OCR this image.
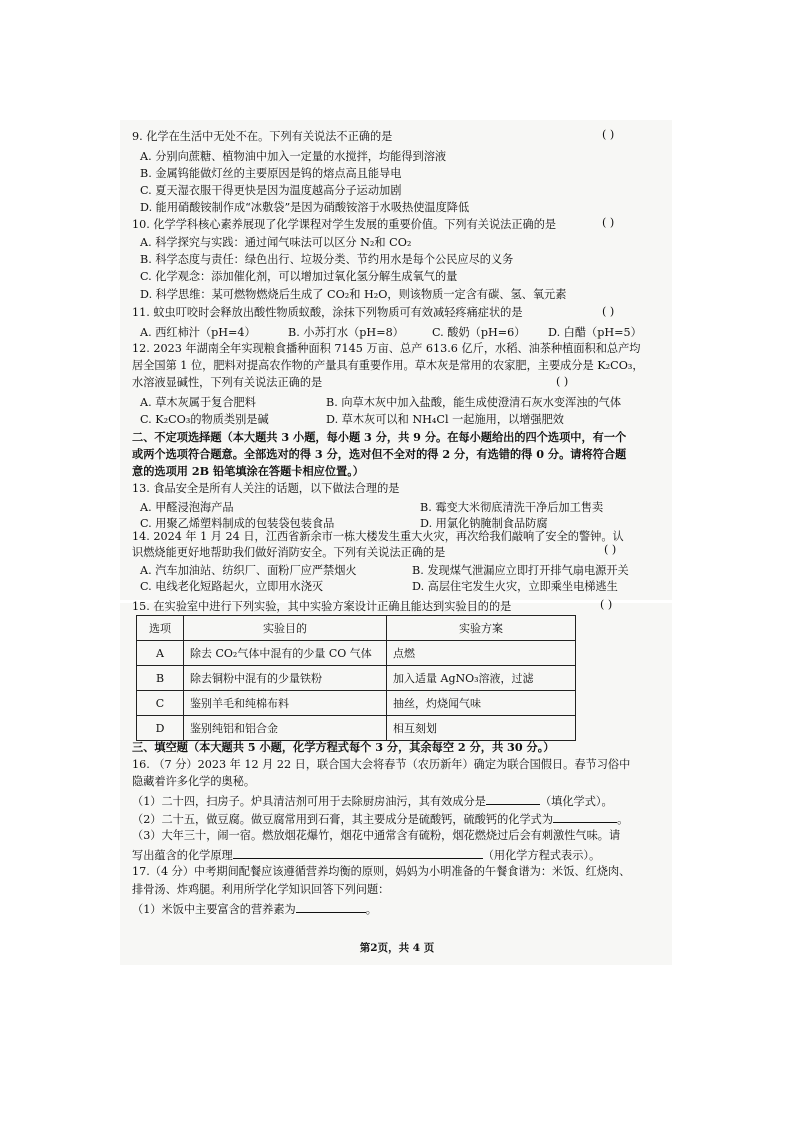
9. 化学在生活中无处不在。下列有关说法不正确的是	( )
A. 分别向蔗糖、植物油中加入一定量的水搅拌，均能得到溶液
B. 金属钨能做灯丝的主要原因是钨的熔点高且能导电
C. 夏天湿衣服干得更快是因为温度越高分子运动加剧
D. 能用硝酸铵制作成“冰敷袋”是因为硝酸铵溶于水吸热使温度降低
10. 化学学科核心素养展现了化学课程对学生发展的重要价值。下列有关说法正确的是	( )
A. 科学探究与实践：通过闻气味法可以区分 N₂和 CO₂
B. 科学态度与责任：绿色出行、垃圾分类、节约用水是每个公民应尽的义务
C. 化学观念：添加催化剂，可以增加过氧化氢分解生成氧气的量
D. 科学思维：某可燃物燃烧后生成了 CO₂和 H₂O，则该物质一定含有碳、氢、氧元素
11. 蚊虫叮咬时会释放出酸性物质蚁酸，涂抹下列物质可有效减轻疼痛症状的是	( )
A. 西红柿汁（pH=4）	B. 小苏打水（pH=8）	C. 酸奶（pH=6） D. 白醋（pH=5）
12. 2023 年湖南全年实现粮食播种面积 7145 万亩、总产 613.6 亿斤，水稻、油茶种植面积和总产均
居全国第 1 位，肥料对提高农作物的产量具有重要作用。草木灰是常用的农家肥，主要成分是 K₂CO₃，
水溶液显碱性，下列有关说法正确的是	( )
A. 草木灰属于复合肥料	B. 向草木灰中加入盐酸，能生成使澄清石灰水变浑浊的气体
C. K₂CO₃的物质类别是碱	D. 草木灰可以和 NH₄Cl 一起施用，以增强肥效
二、不定项选择题（本大题共 3 小题，每小题 3 分，共 9 分。在每小题给出的四个选项中，有一个
或两个选项符合题意。全部选对的得 3 分，选对但不全对的得 2 分，有选错的得 0 分。请将符合题
意的选项用 2B 铅笔填涂在答题卡相应位置。）
13. 食品安全是所有人关注的话题，以下做法合理的是
A. 甲醛浸泡海产品	B. 霉变大米彻底清洗干净后加工售卖
C. 用聚乙烯塑料制成的包装袋包装食品	D. 用氯化钠腌制食品防腐
14. 2024 年 1 月 24 日，江西省新余市一栋大楼发生重大火灾，再次给我们敲响了安全的警钟。认
识燃烧能更好地帮助我们做好消防安全。下列有关说法正确的是	( )
A. 汽车加油站、纺织厂、面粉厂应严禁烟火	B. 发现煤气泄漏应立即打开排气扇电源开关
C. 电线老化短路起火，立即用水浇灭	D. 高层住宅发生火灾，立即乘坐电梯逃生
15. 在实验室中进行下列实验，其中实验方案设计正确且能达到实验目的的是	( )
选项	实验目的	实验方案
A	除去 CO₂气体中混有的少量 CO 气体	点燃
B	除去铜粉中混有的少量铁粉	加入适量 AgNO₃溶液，过滤
C	鉴别羊毛和纯棉布料	抽丝，灼烧闻气味
D	鉴别纯铝和铝合金	相互刻划
三、填空题（本大题共 5 小题，化学方程式每个 3 分，其余每空 2 分，共 30 分。）
16. （7 分）2023 年 12 月 22 日，联合国大会将春节（农历新年）确定为联合国假日。春节习俗中
隐藏着许多化学的奥秘。
（1）二十四，扫房子。炉具清洁剂可用于去除厨房油污，其有效成分是	（填化学式）。
（2）二十五，做豆腐。做豆腐常用到石膏，其主要成分是硫酸钙，硫酸钙的化学式为	。
（3）大年三十，闹一宿。燃放烟花爆竹，烟花中通常含有硫粉，烟花燃烧过后会有刺激性气味。请
写出蕴含的化学原理	（用化学方程式表示）。
17.（4 分）中考期间配餐应该遵循营养均衡的原则，妈妈为小明准备的午餐食谱为：米饭、红烧肉、
排骨汤、炸鸡腿。利用所学化学知识回答下列问题：
（1）米饭中主要富含的营养素为	。
第2页，共 4 页
